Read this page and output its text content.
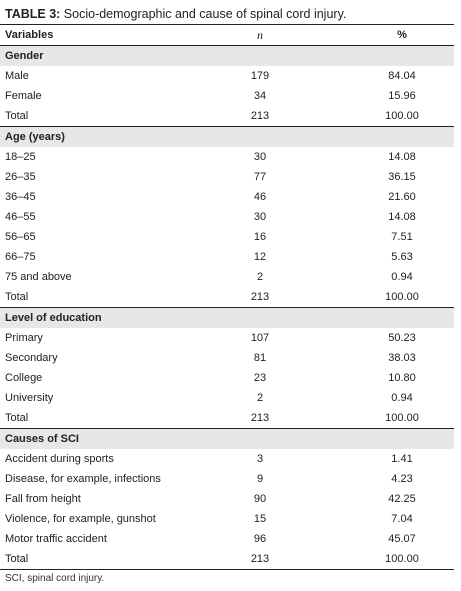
TABLE 3: Socio-demographic and cause of spinal cord injury.
Variables	n	%
Gender		
Male	179	84.04
Female	34	15.96
Total	213	100.00
Age (years)		
18–25	30	14.08
26–35	77	36.15
36–45	46	21.60
46–55	30	14.08
56–65	16	7.51
66–75	12	5.63
75 and above	2	0.94
Total	213	100.00
Level of education		
Primary	107	50.23
Secondary	81	38.03
College	23	10.80
University	2	0.94
Total	213	100.00
Causes of SCI		
Accident during sports	3	1.41
Disease, for example, infections	9	4.23
Fall from height	90	42.25
Violence, for example, gunshot	15	7.04
Motor traffic accident	96	45.07
Total	213	100.00
SCI, spinal cord injury.
